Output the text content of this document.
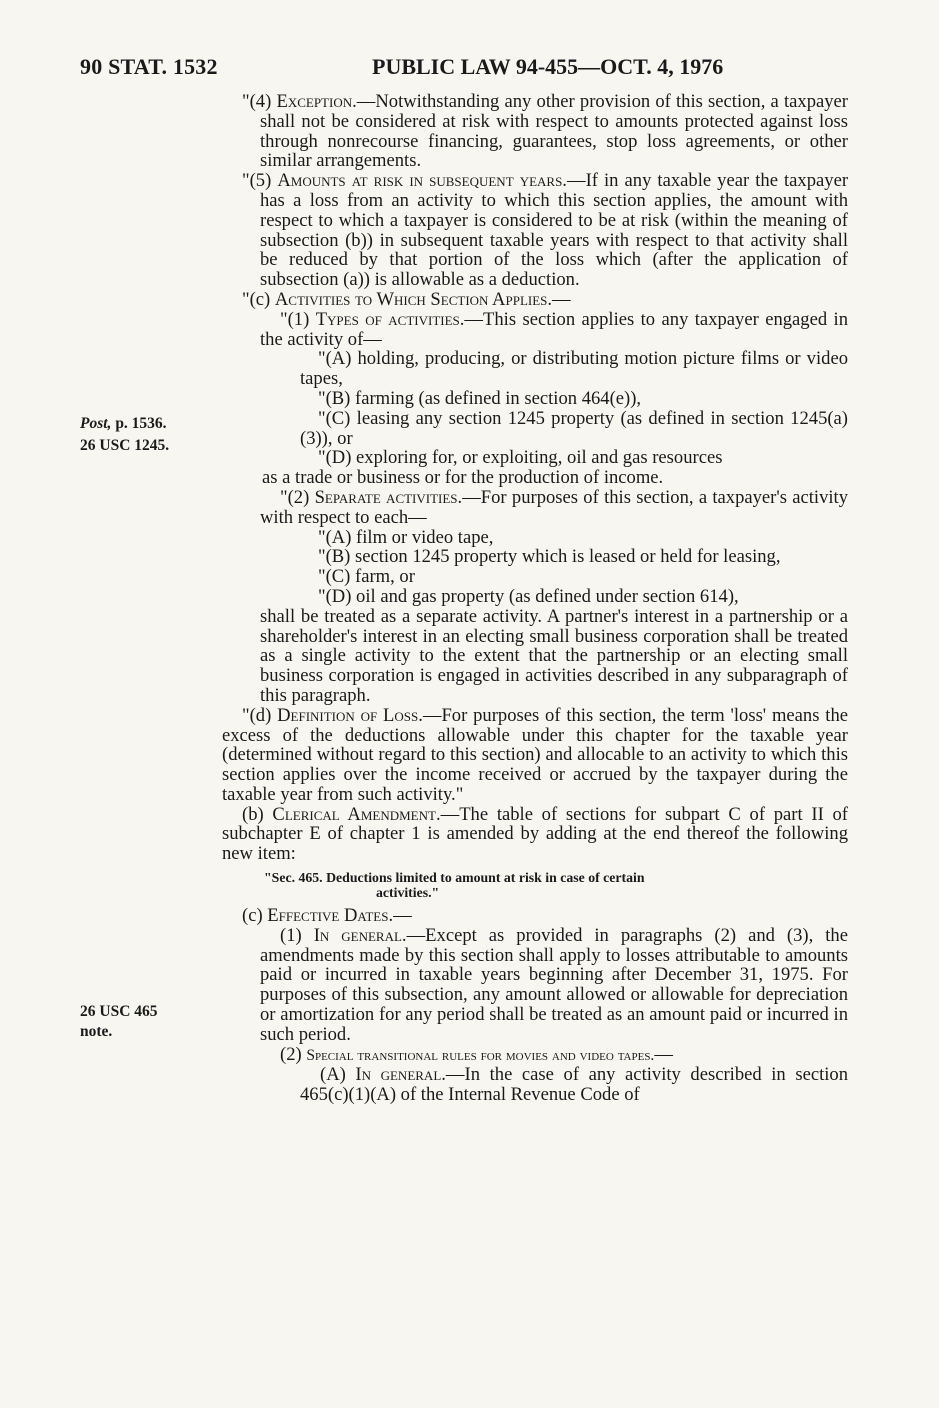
90 STAT. 1532	PUBLIC LAW 94-455—OCT. 4, 1976
Post, p. 1536.
26 USC 1245.
26 USC 465
note.

"(4) Exception.—Notwithstanding any other provision of this section, a taxpayer shall not be considered at risk with respect to amounts protected against loss through nonrecourse financing, guarantees, stop loss agreements, or other similar arrangements.

"(5) Amounts at risk in subsequent years.—If in any taxable year the taxpayer has a loss from an activity to which this section applies, the amount with respect to which a taxpayer is considered to be at risk (within the meaning of subsection (b)) in subsequent taxable years with respect to that activity shall be reduced by that portion of the loss which (after the application of subsection (a)) is allowable as a deduction.

"(c) Activities to Which Section Applies.—

"(1) Types of activities.—This section applies to any taxpayer engaged in the activity of—

"(A) holding, producing, or distributing motion picture films or video tapes,

"(B) farming (as defined in section 464(e)),

"(C) leasing any section 1245 property (as defined in section 1245(a)(3)), or

"(D) exploring for, or exploiting, oil and gas resources

as a trade or business or for the production of income.

"(2) Separate activities.—For purposes of this section, a taxpayer's activity with respect to each—

"(A) film or video tape,

"(B) section 1245 property which is leased or held for leasing,

"(C) farm, or

"(D) oil and gas property (as defined under section 614),

shall be treated as a separate activity. A partner's interest in a partnership or a shareholder's interest in an electing small business corporation shall be treated as a single activity to the extent that the partnership or an electing small business corporation is engaged in activities described in any subparagraph of this paragraph.

"(d) Definition of Loss.—For purposes of this section, the term 'loss' means the excess of the deductions allowable under this chapter for the taxable year (determined without regard to this section) and allocable to an activity to which this section applies over the income received or accrued by the taxpayer during the taxable year from such activity."

(b) Clerical Amendment.—The table of sections for subpart C of part II of subchapter E of chapter 1 is amended by adding at the end thereof the following new item:

"Sec. 465. Deductions limited to amount at risk in case of certain
activities."

(c) Effective Dates.—

(1) In general.—Except as provided in paragraphs (2) and (3), the amendments made by this section shall apply to losses attributable to amounts paid or incurred in taxable years beginning after December 31, 1975. For purposes of this subsection, any amount allowed or allowable for depreciation or amortization for any period shall be treated as an amount paid or incurred in such period.

(2) Special transitional rules for movies and video tapes.—

(A) In general.—In the case of any activity described in section 465(c)(1)(A) of the Internal Revenue Code of
